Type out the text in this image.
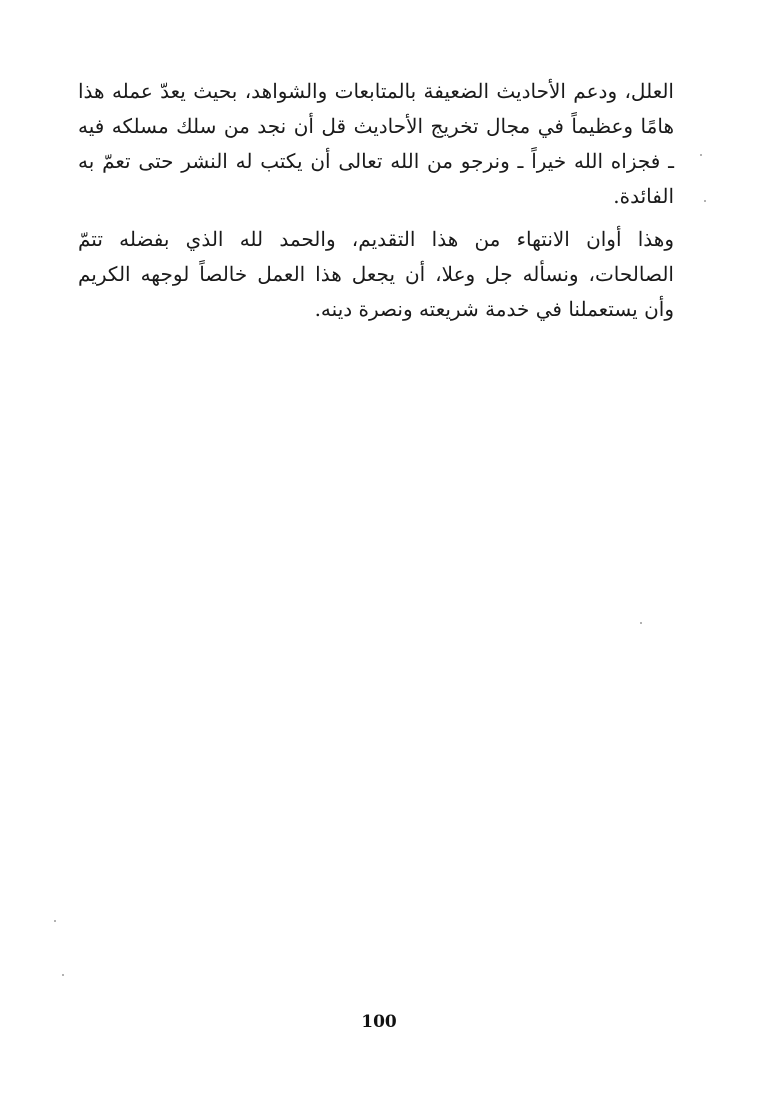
العلل، ودعم الأحاديث الضعيفة بالمتابعات والشواهد، بحيث يعدّ عمله هذا
هامًا وعظيماً في مجال تخريج الأحاديث قل أن نجد من سلك مسلكه فيه
ـ فجزاه الله خيراً ـ ونرجو من الله تعالى أن يكتب له النشر حتى تعمّ به
الفائدة.
وهذا أوان الانتهاء من هذا التقديم، والحمد لله الذي بفضله تتمّ
الصالحات، ونسأله جل وعلا، أن يجعل هذا العمل خالصاً لوجهه الكريم
وأن يستعملنا في خدمة شريعته ونصرة دينه.
100
